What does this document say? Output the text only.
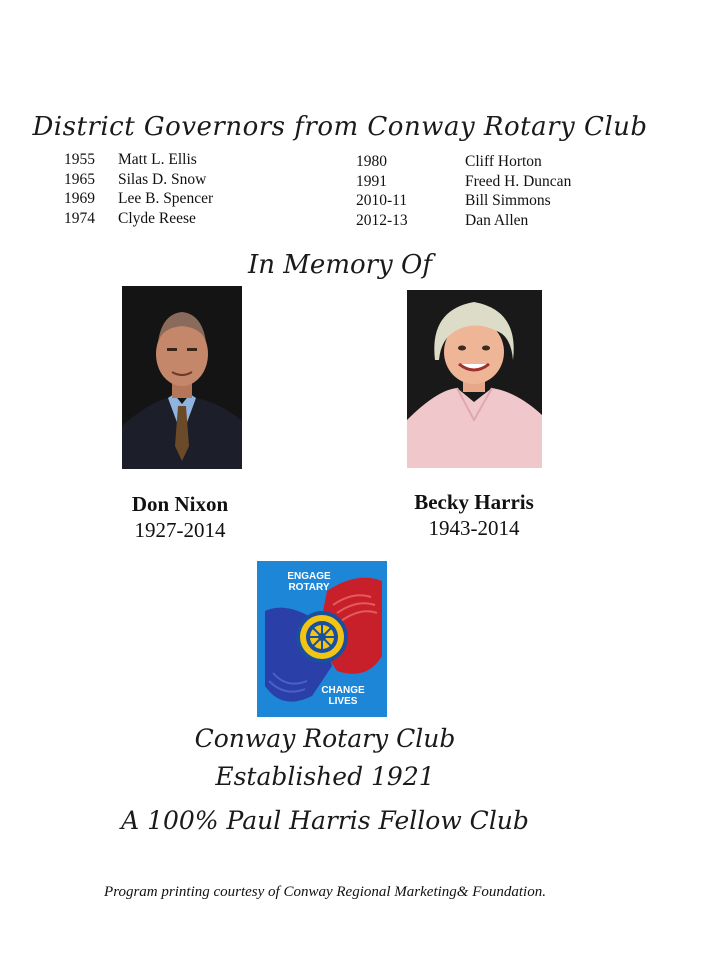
District Governors from Conway Rotary Club
1955	Matt L. Ellis
1965	Silas D. Snow
1969	Lee B. Spencer
1974	Clyde Reese
1980	Cliff Horton
1991	Freed H. Duncan
2010-11	Bill Simmons
2012-13	Dan Allen
In Memory Of
Don Nixon
1927-2014
Becky Harris
1943-2014
ENGAGE ROTARY
CHANGE LIVES
Conway Rotary Club
Established 1921
A 100% Paul Harris Fellow Club
Program printing courtesy of Conway Regional Marketing& Foundation.
